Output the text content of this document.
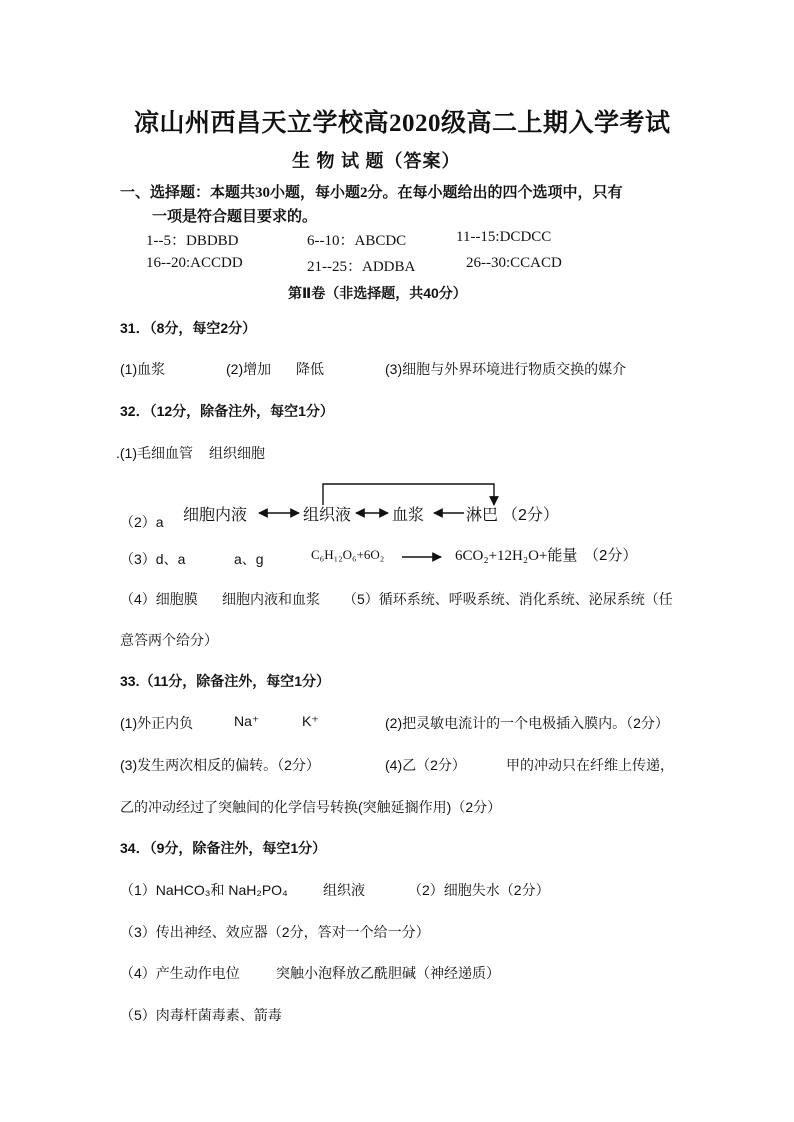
凉山州西昌天立学校高2020级高二上期入学考试
生 物 试 题（答案）
一、选择题：本题共30小题，每小题2分。在每小题给出的四个选项中，只有
一项是符合题目要求的。
1--5：DBDBD	6--10：ABCDC	11--15:DCDCC
16--20:ACCDD	21--25：ADDBA	26--30:CCACD
第Ⅱ卷（非选择题，共40分）
31．（8分，每空2分）
(1)血浆	(2)增加 降低	(3)细胞与外界环境进行物质交换的媒介
32．（12分，除备注外，每空1分）
.(1)毛细血管 组织细胞
（2）a 细胞内液	组织液	血浆	淋巴 （2分）
（3）d、a	a、g	C₆H₁₂O₆+6O₂	6CO₂+12H₂O+能量 （2分）
（4）细胞膜 细胞内液和血浆 （5）循环系统、呼吸系统、消化系统、泌尿系统（任
意答两个给分）
33.（11分，除备注外，每空1分）
(1)外正内负	Na⁺	K⁺	(2)把灵敏电流计的一个电极插入膜内。（2分）
(3)发生两次相反的偏转。（2分）	(4)乙（2分）	甲的冲动只在纤维上传递，
乙的冲动经过了突触间的化学信号转换(突触延搁作用)（2分）
34．（9分，除备注外，每空1分）
（1）NaHCO₃和 NaH₂PO₄	组织液	（2）细胞失水（2分）
（3）传出神经、效应器（2分，答对一个给一分）
（4）产生动作电位	突触小泡释放乙酰胆碱（神经递质）
（5）肉毒杆菌毒素、箭毒
